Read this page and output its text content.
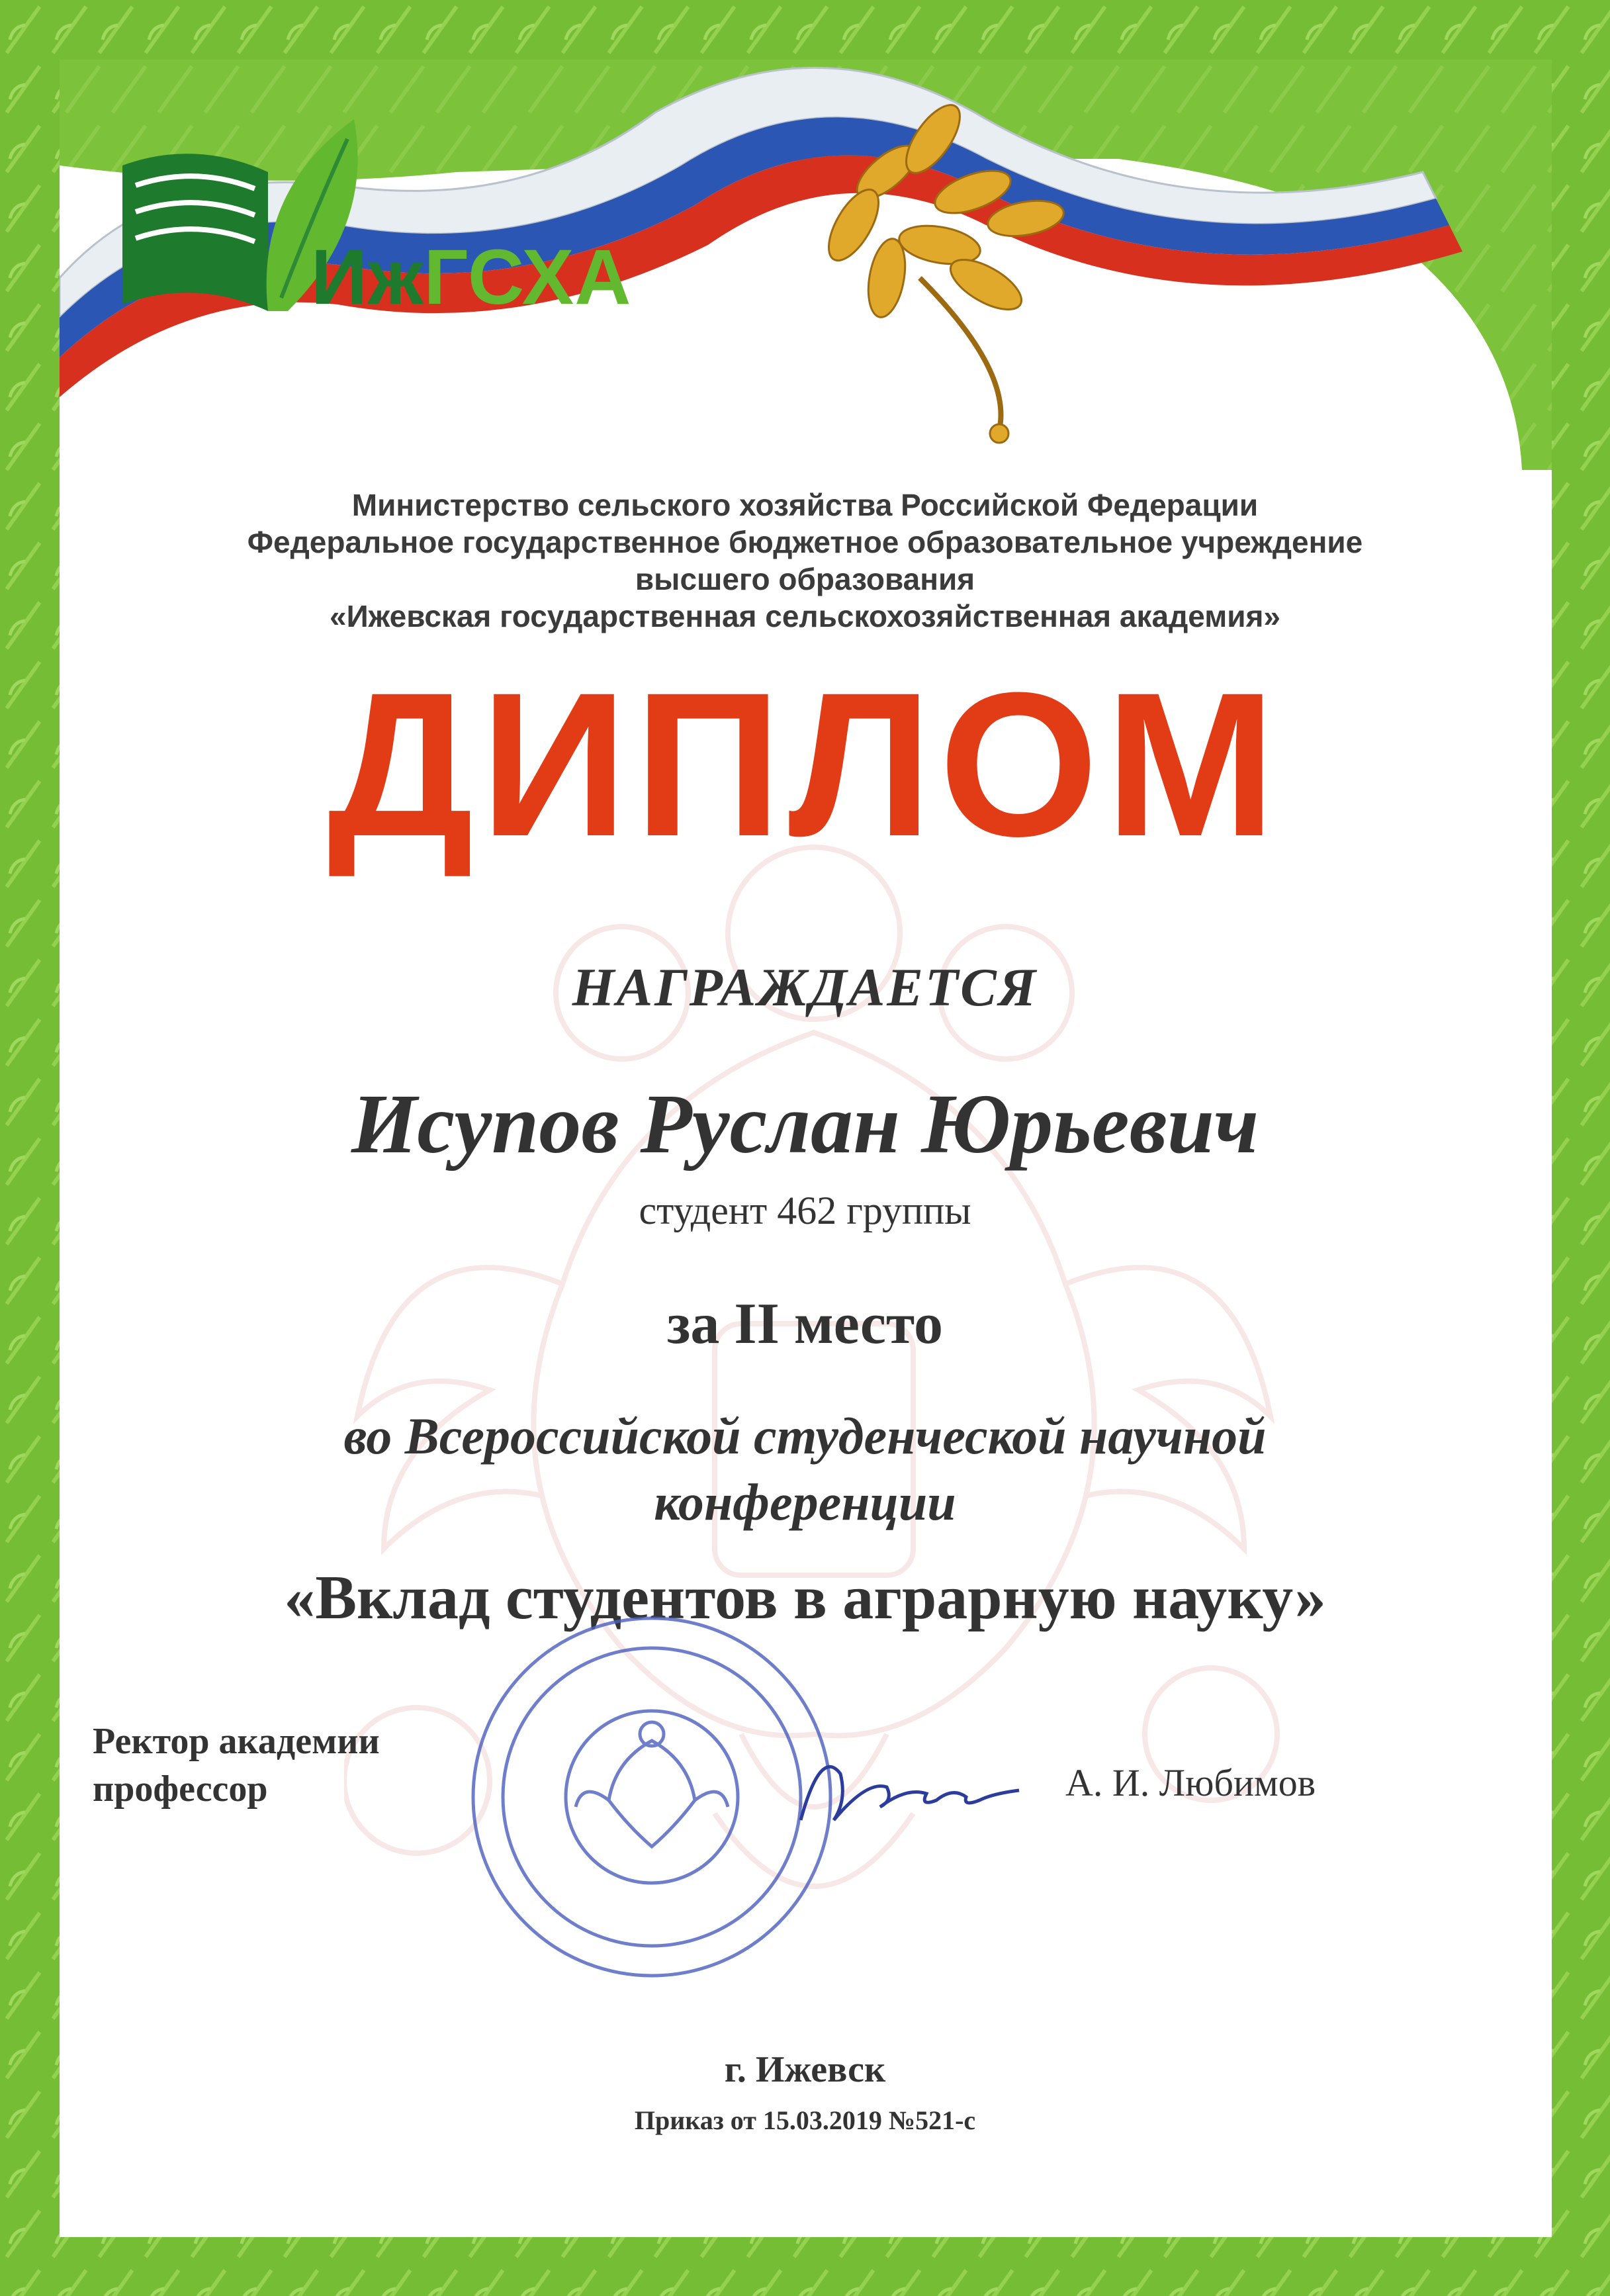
ИжГСХА
Министерство сельского хозяйства Российской Федерации
Федеральное государственное бюджетное образовательное учреждение
высшего образования
«Ижевская государственная сельскохозяйственная академия»
ДИПЛОМ
НАГРАЖДАЕТСЯ
Исупов Руслан Юрьевич
студент 462 группы
за II место
во Всероссийской студенческой научной
конференции
«Вклад студентов в аграрную науку»
Ректор академии
профессор	А. И. Любимов
г. Ижевск
Приказ от 15.03.2019 №521-с
